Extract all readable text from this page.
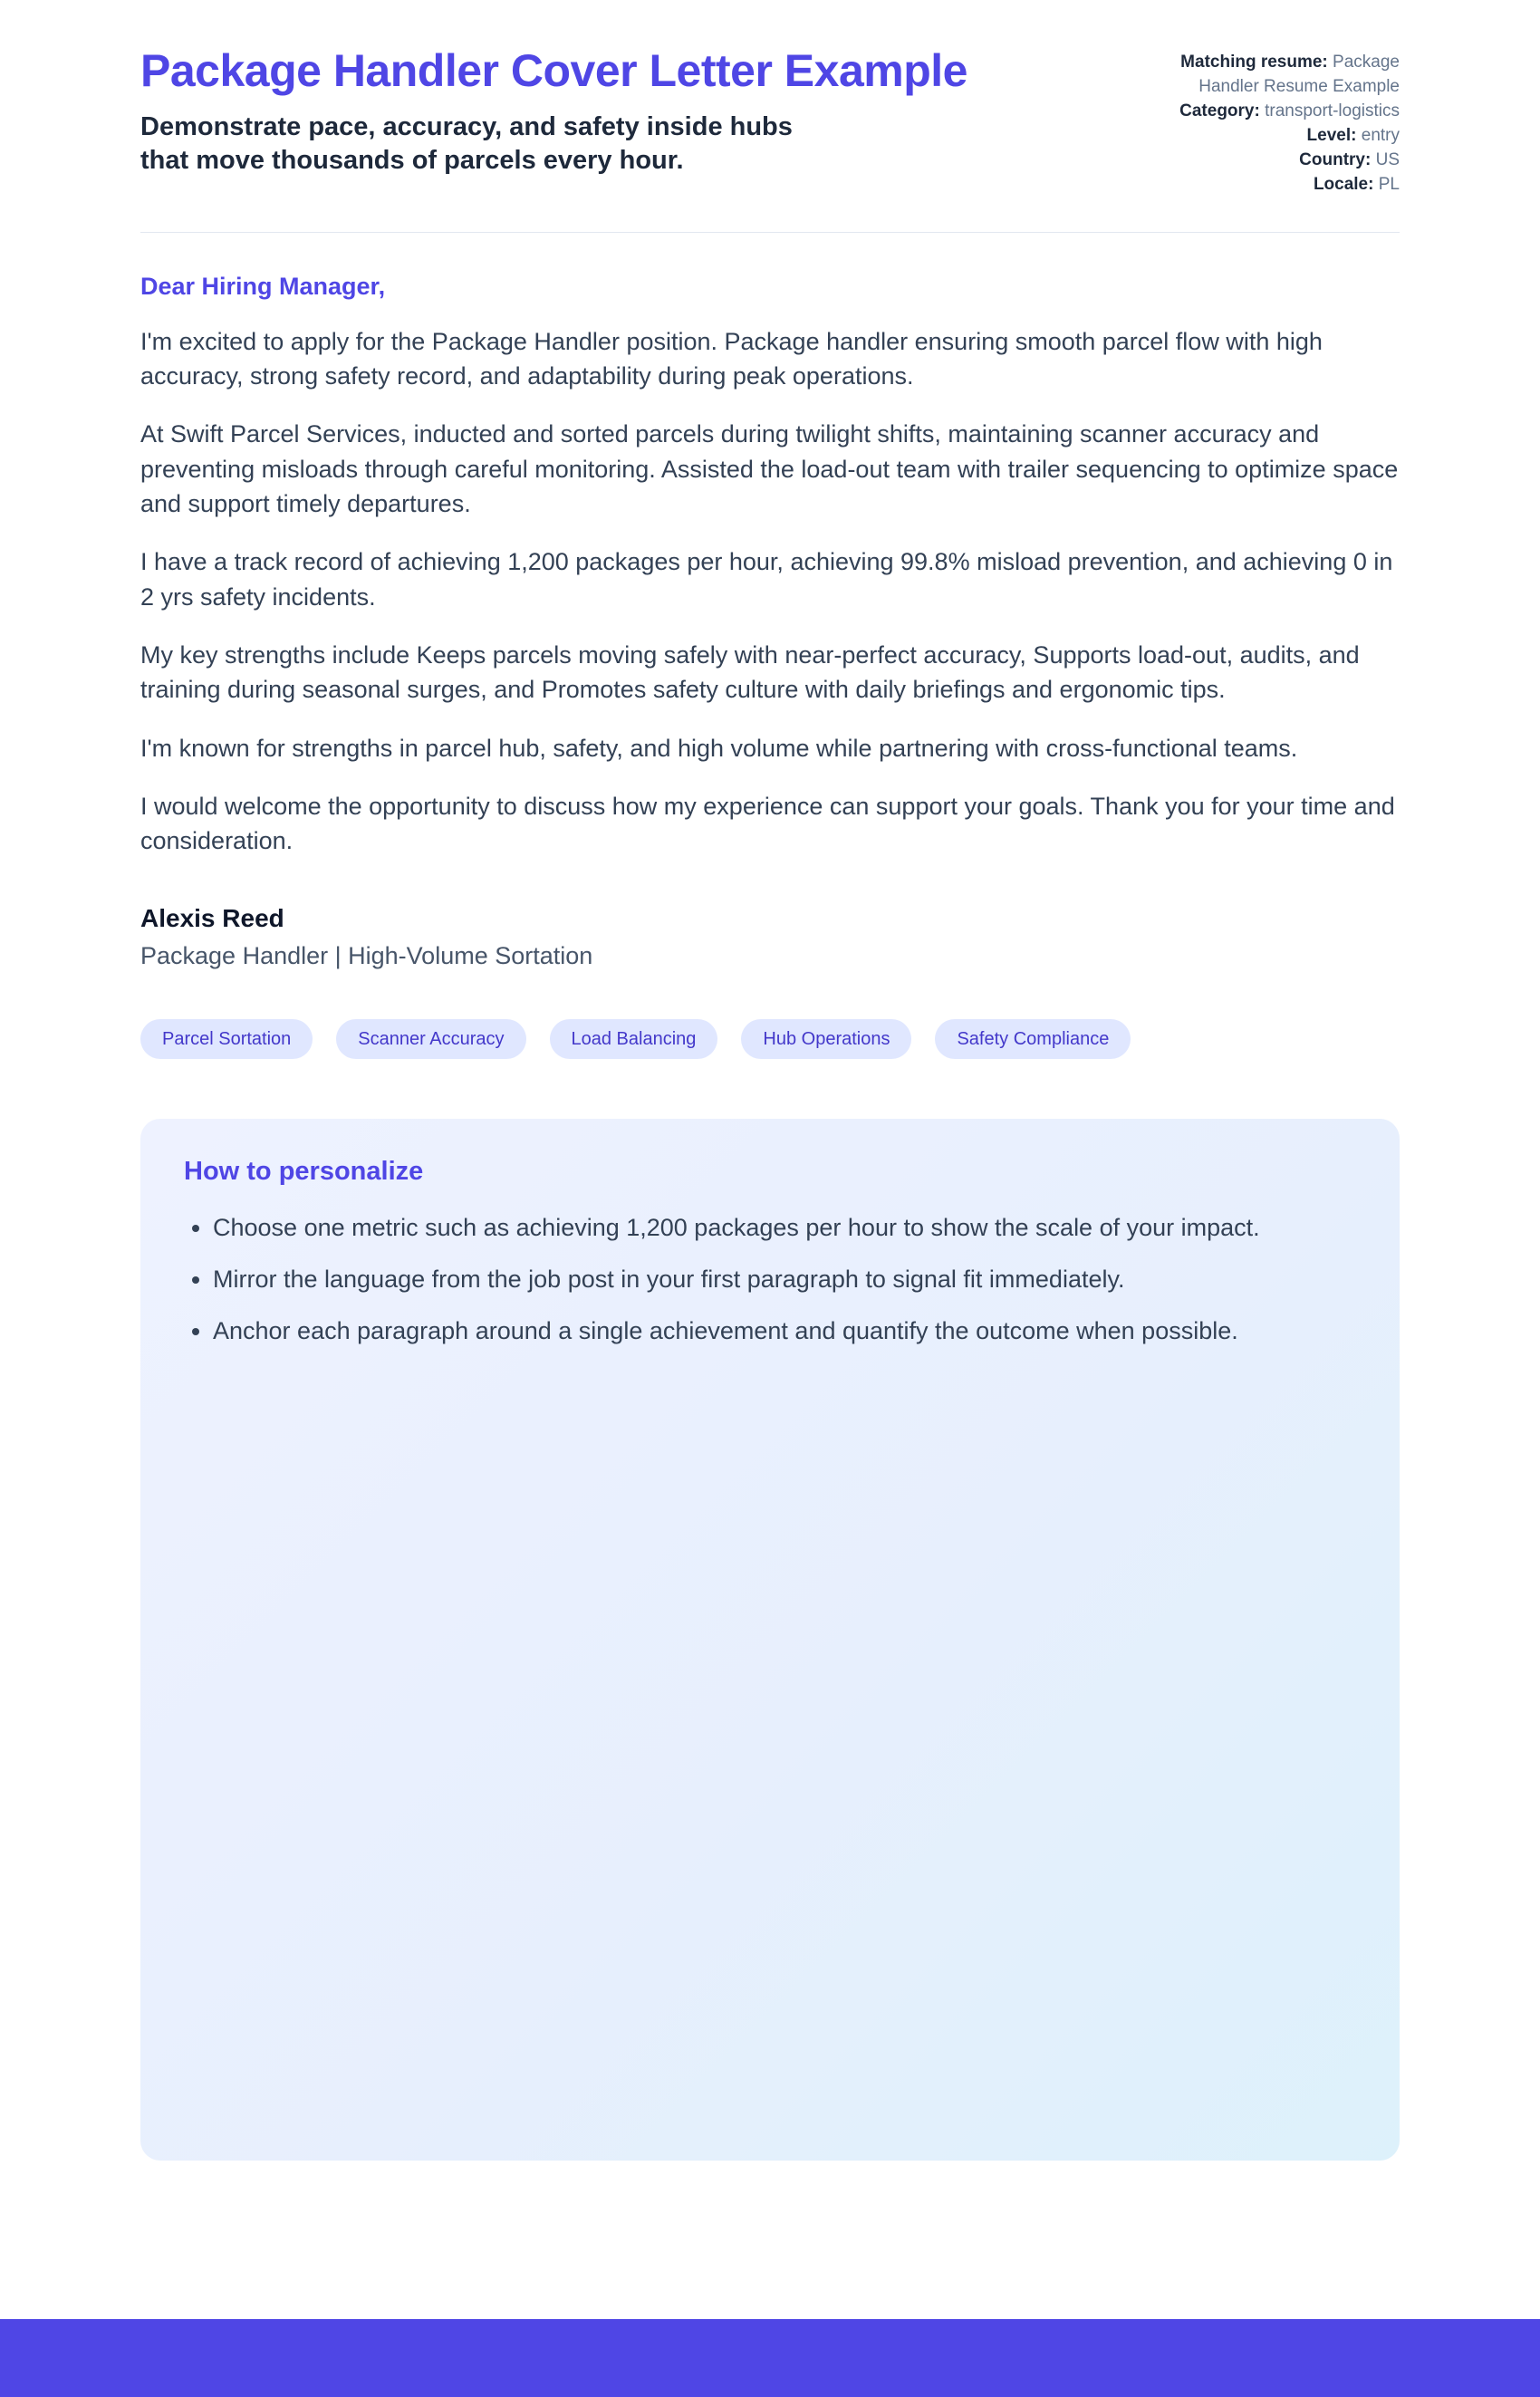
Package Handler Cover Letter Example
Demonstrate pace, accuracy, and safety inside hubs that move thousands of parcels every hour.
Matching resume: Package Handler Resume Example
Category: transport-logistics
Level: entry
Country: US
Locale: PL

Dear Hiring Manager,

I'm excited to apply for the Package Handler position. Package handler ensuring smooth parcel flow with high accuracy, strong safety record, and adaptability during peak operations.

At Swift Parcel Services, inducted and sorted parcels during twilight shifts, maintaining scanner accuracy and preventing misloads through careful monitoring. Assisted the load-out team with trailer sequencing to optimize space and support timely departures.

I have a track record of achieving 1,200 packages per hour, achieving 99.8% misload prevention, and achieving 0 in 2 yrs safety incidents.

My key strengths include Keeps parcels moving safely with near-perfect accuracy, Supports load-out, audits, and training during seasonal surges, and Promotes safety culture with daily briefings and ergonomic tips.

I'm known for strengths in parcel hub, safety, and high volume while partnering with cross-functional teams.

I would welcome the opportunity to discuss how my experience can support your goals. Thank you for your time and consideration.

Alexis Reed

Package Handler | High-Volume Sortation

Parcel Sortation	Scanner Accuracy	Load Balancing	Hub Operations	Safety Compliance
How to personalize
• Choose one metric such as achieving 1,200 packages per hour to show the scale of your impact.
• Mirror the language from the job post in your first paragraph to signal fit immediately.
• Anchor each paragraph around a single achievement and quantify the outcome when possible.
